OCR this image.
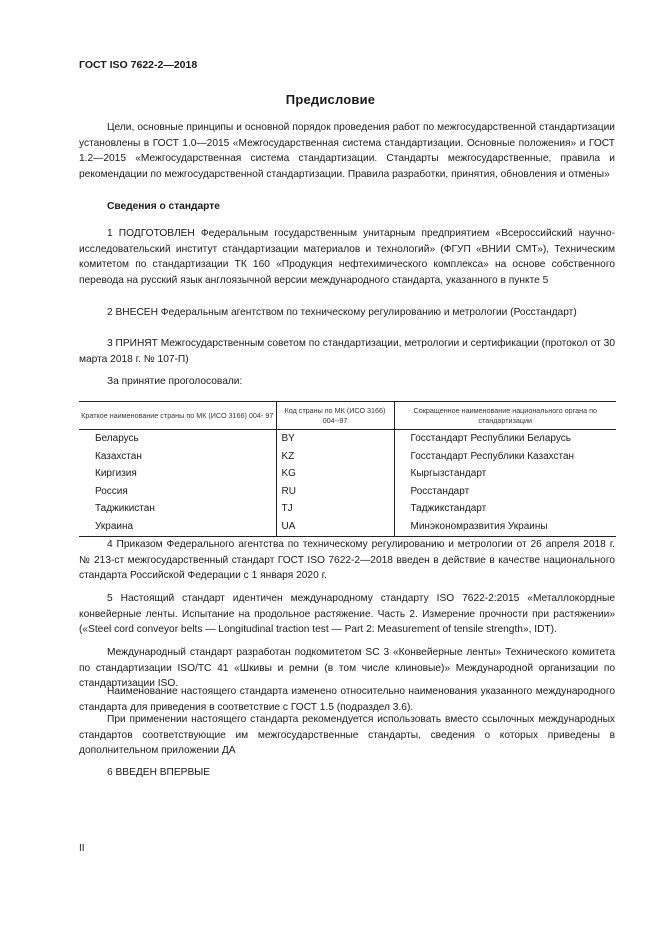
ГОСТ ISO 7622-2—2018
Предисловие
Цели, основные принципы и основной порядок проведения работ по межгосударственной стандартизации установлены в ГОСТ 1.0—2015 «Межгосударственная система стандартизации. Основные положения» и ГОСТ 1.2—2015 «Межгосударственная система стандартизации. Стандарты межгосударственные, правила и рекомендации по межгосударственной стандартизации. Правила разработки, принятия, обновления и отмены»
Сведения о стандарте
1 ПОДГОТОВЛЕН Федеральным государственным унитарным предприятием «Всероссийский научно-исследовательский институт стандартизации материалов и технологий» (ФГУП «ВНИИ СМТ»), Техническим комитетом по стандартизации ТК 160 «Продукция нефтехимического комплекса» на основе собственного перевода на русский язык англоязычной версии международного стандарта, указанного в пункте 5
2 ВНЕСЕН Федеральным агентством по техническому регулированию и метрологии (Росстандарт)
3 ПРИНЯТ Межгосударственным советом по стандартизации, метрологии и сертификации (протокол от 30 марта 2018 г. № 107-П)
За принятие проголосовали:
Краткое наименование страны по МК (ИСО 3166) 004- 97	Код страны по МК (ИСО 3166) 004--97	Сокращенное наименование национального органа по стандартизации
Беларусь	BY	Госстандарт Республики Беларусь
Казахстан	KZ	Госстандарт Республики Казахстан
Киргизия	KG	Кыргызстандарт
Россия	RU	Росстандарт
Таджикистан	TJ	Таджикстандарт
Украина	UA	Минэкономразвития Украины
4 Приказом Федерального агентства по техническому регулированию и метрологии от 26 апреля 2018 г. № 213-ст межгосударственный стандарт ГОСТ ISO 7622-2—2018 введен в действие в качестве национального стандарта Российской Федерации с 1 января 2020 г.
5 Настоящий стандарт идентичен международному стандарту ISO 7622-2:2015 «Металлокордные конвейерные ленты. Испытание на продольное растяжение. Часть 2. Измерение прочности при растяжении» («Steel cord conveyor belts — Longitudinal traction test — Part 2: Measurement of tensile strength», IDT).
Международный стандарт разработан подкомитетом SC 3 «Конвейерные ленты» Технического комитета по стандартизации ISO/TC 41 «Шкивы и ремни (в том числе клиновые)» Международной организации по стандартизации ISO.
Наименование настоящего стандарта изменено относительно наименования указанного международного стандарта для приведения в соответствие с ГОСТ 1.5 (подраздел 3.6).
При применении настоящего стандарта рекомендуется использовать вместо ссылочных международных стандартов соответствующие им межгосударственные стандарты, сведения о которых приведены в дополнительном приложении ДА
6 ВВЕДЕН ВПЕРВЫЕ
II
